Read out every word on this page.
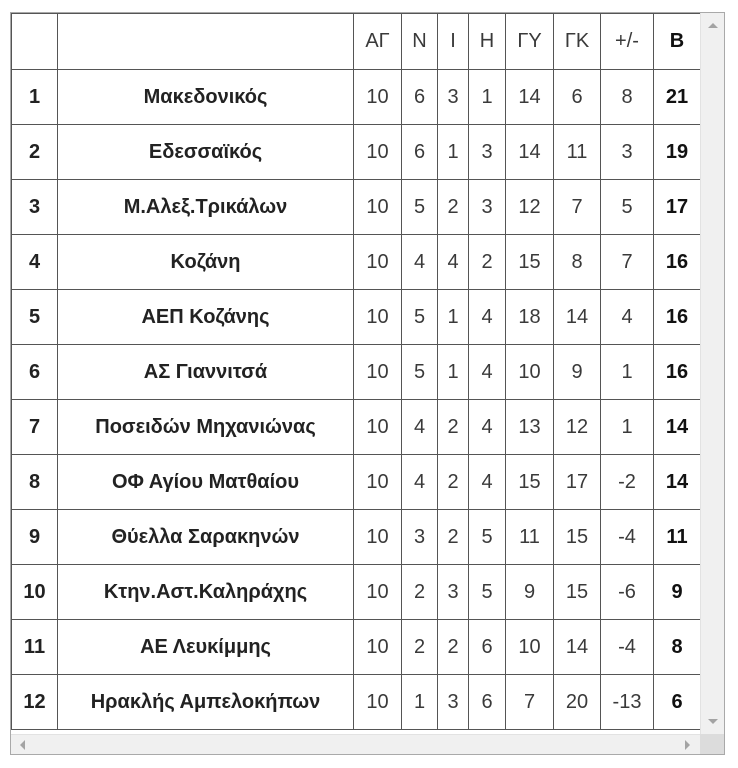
		ΑΓ	Ν	Ι	Η	ΓΥ	ΓΚ	+/-	Β
1	Μακεδονικός	10	6	3	1	14	6	8	21
2	Εδεσσαϊκός	10	6	1	3	14	11	3	19
3	Μ.Αλεξ.Τρικάλων	10	5	2	3	12	7	5	17
4	Κοζάνη	10	4	4	2	15	8	7	16
5	ΑΕΠ Κοζάνης	10	5	1	4	18	14	4	16
6	ΑΣ Γιαννιτσά	10	5	1	4	10	9	1	16
7	Ποσειδών Μηχανιώνας	10	4	2	4	13	12	1	14
8	ΟΦ Αγίου Ματθαίου	10	4	2	4	15	17	-2	14
9	Θύελλα Σαρακηνών	10	3	2	5	11	15	-4	11
10	Κτην.Αστ.Καληράχης	10	2	3	5	9	15	-6	9
11	ΑΕ Λευκίμμης	10	2	2	6	10	14	-4	8
12	Ηρακλής Αμπελοκήπων	10	1	3	6	7	20	-13	6
